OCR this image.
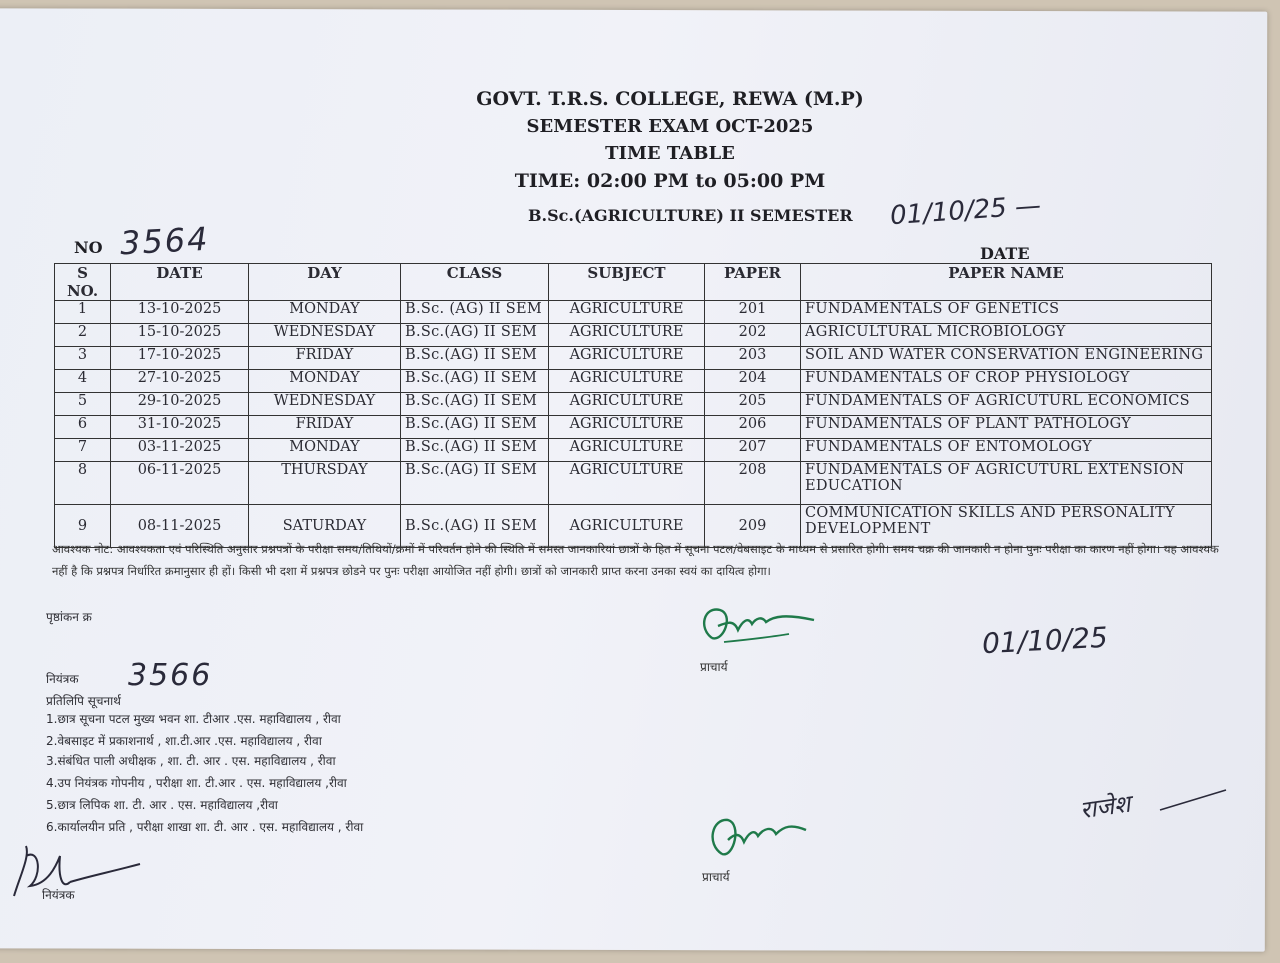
GOVT. T.R.S. COLLEGE, REWA (M.P)
SEMESTER EXAM OCT-2025
TIME TABLE
TIME: 02:00 PM to 05:00 PM
B.Sc.(AGRICULTURE) II SEMESTER
NO 3564
01/10/25 —
DATE
S NO.	DATE	DAY	CLASS	SUBJECT	PAPER	PAPER NAME
1	13-10-2025	MONDAY	B.Sc. (AG) II SEM	AGRICULTURE	201	FUNDAMENTALS OF GENETICS
2	15-10-2025	WEDNESDAY	B.Sc.(AG) II SEM	AGRICULTURE	202	AGRICULTURAL MICROBIOLOGY
3	17-10-2025	FRIDAY	B.Sc.(AG) II SEM	AGRICULTURE	203	SOIL AND WATER CONSERVATION ENGINEERING
4	27-10-2025	MONDAY	B.Sc.(AG) II SEM	AGRICULTURE	204	FUNDAMENTALS OF CROP PHYSIOLOGY
5	29-10-2025	WEDNESDAY	B.Sc.(AG) II SEM	AGRICULTURE	205	FUNDAMENTALS OF AGRICUTURL ECONOMICS
6	31-10-2025	FRIDAY	B.Sc.(AG) II SEM	AGRICULTURE	206	FUNDAMENTALS OF PLANT PATHOLOGY
7	03-11-2025	MONDAY	B.Sc.(AG) II SEM	AGRICULTURE	207	FUNDAMENTALS OF ENTOMOLOGY
8	06-11-2025	THURSDAY	B.Sc.(AG) II SEM	AGRICULTURE	208	FUNDAMENTALS OF AGRICUTURL EXTENSION EDUCATION
9	08-11-2025	SATURDAY	B.Sc.(AG) II SEM	AGRICULTURE	209	COMMUNICATION SKILLS AND PERSONALITY DEVELOPMENT
आवश्यक नोट: आवश्यकता एवं परिस्थिति अनुसार प्रश्नपत्रों के परीक्षा समय/तिथियों/क्रमों में परिवर्तन होने की स्थिति में समस्त जानकारियां छात्रों के हित में सूचना पटल/वेबसाइट के माध्यम से प्रसारित होगी। समय चक्र की जानकारी न होना पुनः परीक्षा का कारण नहीं होगा। यह आवश्यक नहीं है कि प्रश्नपत्र निर्धारित क्रमानुसार ही हों। किसी भी दशा में प्रश्नपत्र छोडने पर पुनः परीक्षा आयोजित नहीं होगी। छात्रों को जानकारी प्राप्त करना उनका स्वयं का दायित्व होगा।
पृष्ठांकन क्र
प्राचार्य
01/10/25
नियंत्रक 3566
प्रतिलिपि सूचनार्थ
1.छात्र सूचना पटल मुख्य भवन शा. टीआर .एस. महाविद्यालय , रीवा
2.वेबसाइट में प्रकाशनार्थ , शा.टी.आर .एस. महाविद्यालय , रीवा
3.संबंधित पाली अधीक्षक , शा. टी. आर . एस. महाविद्यालय , रीवा
4.उप नियंत्रक गोपनीय , परीक्षा शा. टी.आर . एस. महाविद्यालय ,रीवा
5.छात्र लिपिक शा. टी. आर . एस. महाविद्यालय ,रीवा
6.कार्यालयीन प्रति , परीक्षा शाखा शा. टी. आर . एस. महाविद्यालय , रीवा
प्राचार्य
नियंत्रक
राजेश
